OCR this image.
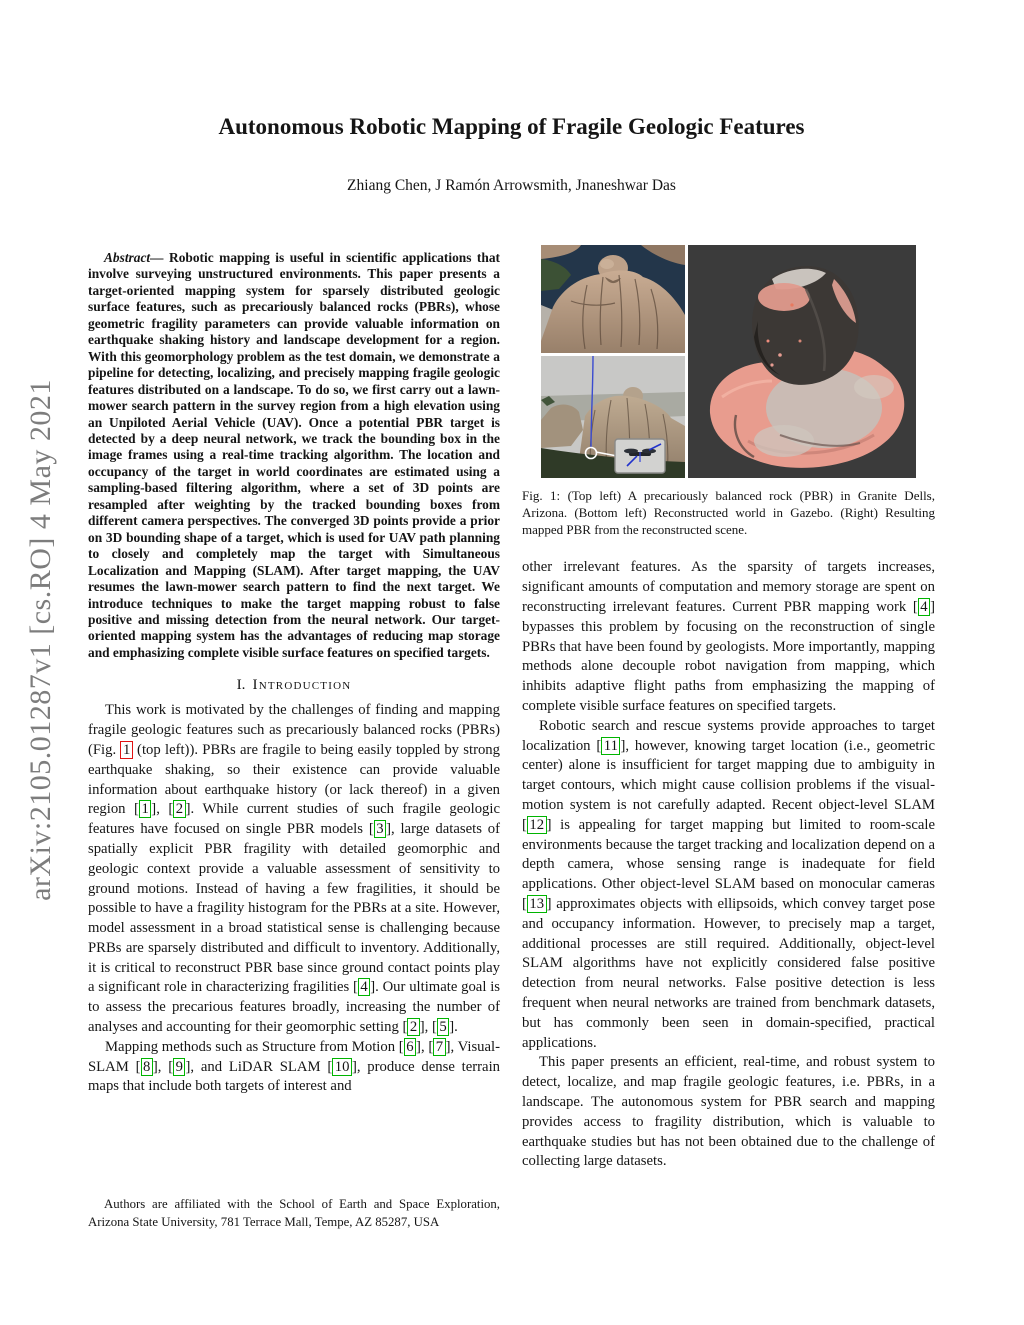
arXiv:2105.01287v1 [cs.RO] 4 May 2021
Autonomous Robotic Mapping of Fragile Geologic Features
Zhiang Chen, J Ramón Arrowsmith, Jnaneshwar Das

Abstract— Robotic mapping is useful in scientific applications that involve surveying unstructured environments. This paper presents a target-oriented mapping system for sparsely distributed geologic surface features, such as precariously balanced rocks (PBRs), whose geometric fragility parameters can provide valuable information on earthquake shaking history and landscape development for a region. With this geomorphology problem as the test domain, we demonstrate a pipeline for detecting, localizing, and precisely mapping fragile geologic features distributed on a landscape. To do so, we first carry out a lawn-mower search pattern in the survey region from a high elevation using an Unpiloted Aerial Vehicle (UAV). Once a potential PBR target is detected by a deep neural network, we track the bounding box in the image frames using a real-time tracking algorithm. The location and occupancy of the target in world coordinates are estimated using a sampling-based filtering algorithm, where a set of 3D points are resampled after weighting by the tracked bounding boxes from different camera perspectives. The converged 3D points provide a prior on 3D bounding shape of a target, which is used for UAV path planning to closely and completely map the target with Simultaneous Localization and Mapping (SLAM). After target mapping, the UAV resumes the lawn-mower search pattern to find the next target. We introduce techniques to make the target mapping robust to false positive and missing detection from the neural network. Our target-oriented mapping system has the advantages of reducing map storage and emphasizing complete visible surface features on specified targets.

I. Introduction

This work is motivated by the challenges of finding and mapping fragile geologic features such as precariously balanced rocks (PBRs) (Fig. 1 (top left)). PBRs are fragile to being easily toppled by strong earthquake shaking, so their existence can provide valuable information about earthquake history (or lack thereof) in a given region [ 1 ], [ 2 ]. While current studies of such fragile geologic features have focused on single PBR models [ 3 ], large datasets of spatially explicit PBR fragility with detailed geomorphic and geologic context provide a valuable assessment of sensitivity to ground motions. Instead of having a few fragilities, it should be possible to have a fragility histogram for the PBRs at a site. However, model assessment in a broad statistical sense is challenging because PRBs are sparsely distributed and difficult to inventory. Additionally, it is critical to reconstruct PBR base since ground contact points play a significant role in characterizing fragilities [ 4 ]. Our ultimate goal is to assess the precarious features broadly, increasing the number of analyses and accounting for their geomorphic setting [ 2 ], [ 5 ].

Mapping methods such as Structure from Motion [ 6 ], [ 7 ], Visual-SLAM [ 8 ], [ 9 ], and LiDAR SLAM [ 10 ], produce dense terrain maps that include both targets of interest and

Authors are affiliated with the School of Earth and Space Exploration, Arizona State University, 781 Terrace Mall, Tempe, AZ 85287, USA
Fig. 1: (Top left) A precariously balanced rock (PBR) in Granite Dells, Arizona. (Bottom left) Reconstructed world in Gazebo. (Right) Resulting mapped PBR from the reconstructed scene.

other irrelevant features. As the sparsity of targets increases, significant amounts of computation and memory storage are spent on reconstructing irrelevant features. Current PBR mapping work [ 4 ] bypasses this problem by focusing on the reconstruction of single PBRs that have been found by geologists. More importantly, mapping methods alone decouple robot navigation from mapping, which inhibits adaptive flight paths from emphasizing the mapping of complete visible surface features on specified targets.

Robotic search and rescue systems provide approaches to target localization [ 11 ], however, knowing target location (i.e., geometric center) alone is insufficient for target mapping due to ambiguity in target contours, which might cause collision problems if the visual-motion system is not carefully adapted. Recent object-level SLAM [ 12 ] is appealing for target mapping but limited to room-scale environments because the target tracking and localization depend on a depth camera, whose sensing range is inadequate for field applications. Other object-level SLAM based on monocular cameras [ 13 ] approximates objects with ellipsoids, which convey target pose and occupancy information. However, to precisely map a target, additional processes are still required. Additionally, object-level SLAM algorithms have not explicitly considered false positive detection from neural networks. False positive detection is less frequent when neural networks are trained from benchmark datasets, but has commonly been seen in domain-specified, practical applications.

This paper presents an efficient, real-time, and robust system to detect, localize, and map fragile geologic features, i.e. PBRs, in a landscape. The autonomous system for PBR search and mapping provides access to fragility distribution, which is valuable to earthquake studies but has not been obtained due to the challenge of collecting large datasets.
